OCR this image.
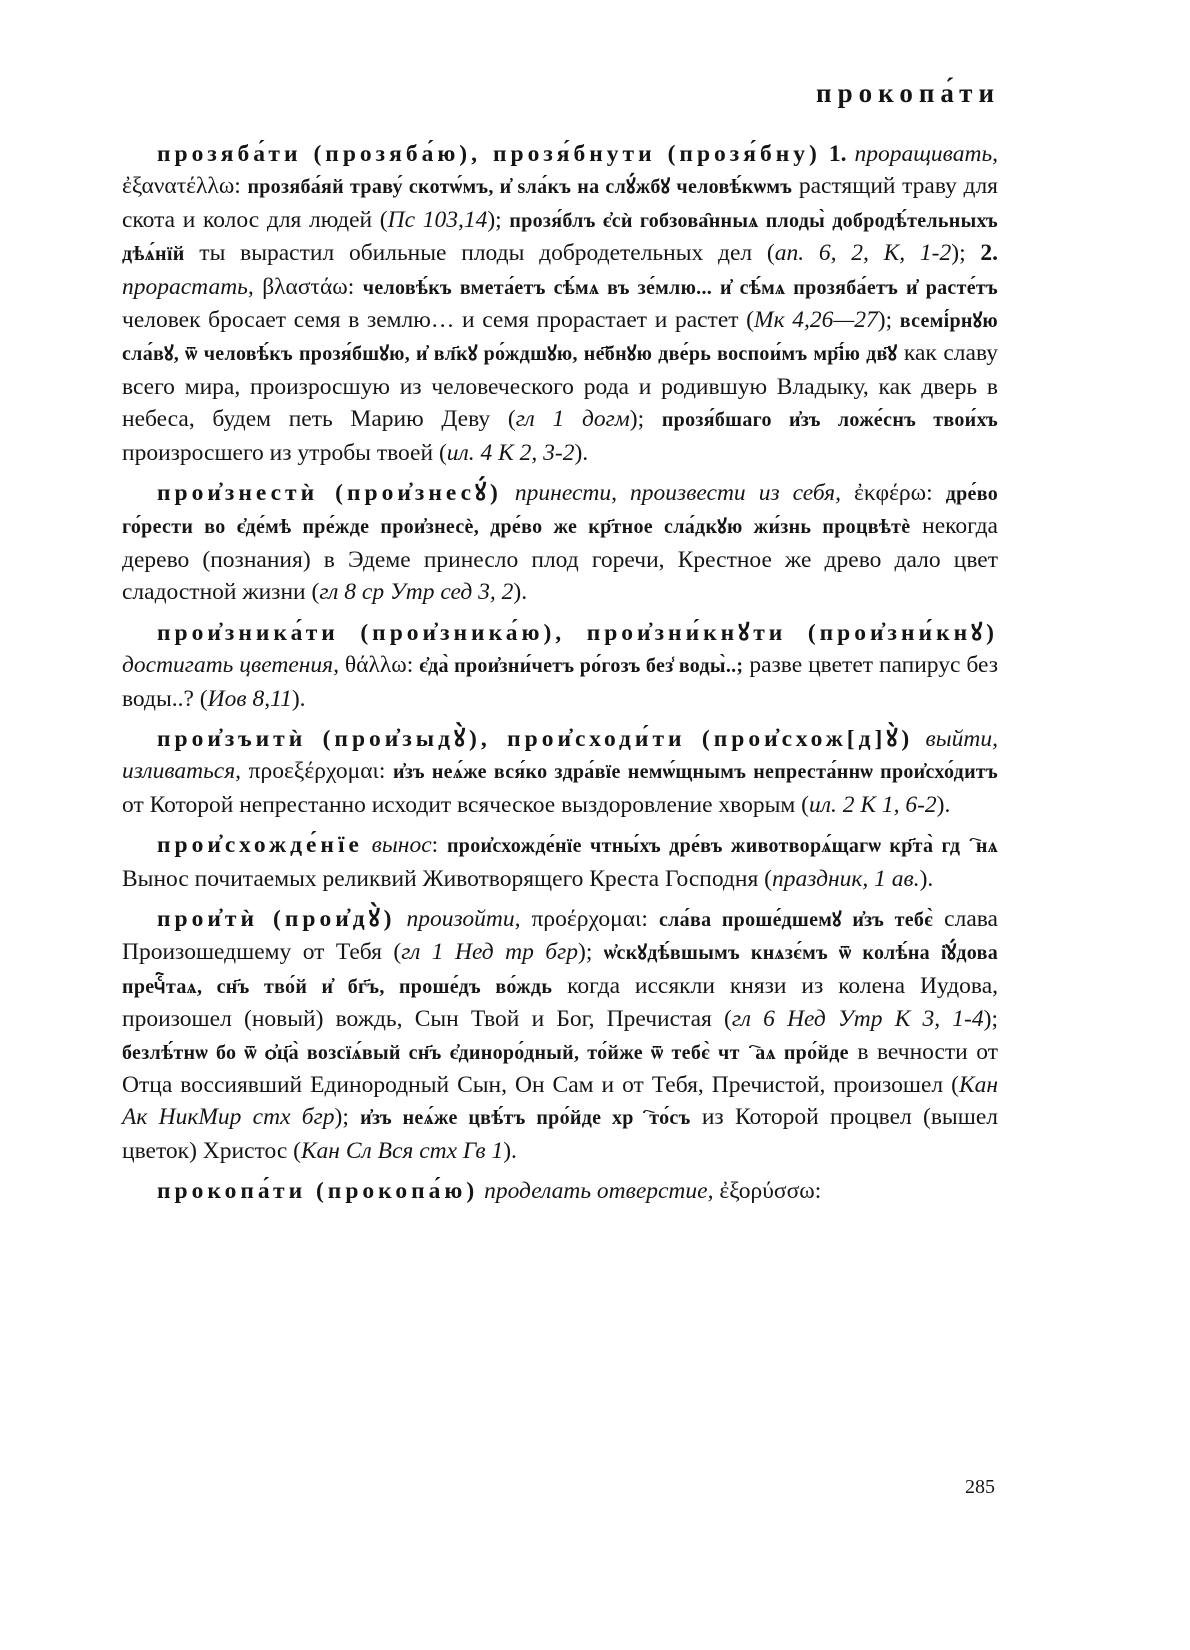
прокопа́ти

прозяба́ти (прозяба́ю), прозя́бнути (прозя́бну) 1. проращивать, ἐξανατέλλω: прозяба́яй траву́ скотѡ́мъ, и҆ ѕла́къ на слꙋ́жбꙋ человѣ́кѡмъ растящий траву для скота и колос для людей (Пс 103,14); прозя́блъ є҆сѝ гобзова̑нныѧ плоды̀ добродѣ́тельныхъ дѣѧ́нїй ты вырастил обильные плоды добродетельных дел (ап. 6, 2, К, 1-2); 2. прорастать, βλαστάω: человѣ́къ вмета́етъ сѣ́мѧ въ зе́млю... и҆ сѣ́мѧ прозяба́етъ и҆ расте́тъ человек бросает семя в землю… и семя прорастает и растет (Мк 4,26—27); всемі́рнꙋю сла́вꙋ, ѿ человѣ́къ прозя́бшꙋю, и҆ вл҃кꙋ ро́ждшꙋю, не҃бнꙋю две́рь воспои́мъ мр҃і́ю дв҃ꙋ как славу всего мира, произросшую из человеческого рода и родившую Владыку, как дверь в небеса, будем петь Марию Деву (гл 1 догм); прозя́бшаго и҆зъ ложе́снъ твои́хъ произросшего из утробы твоей (ил. 4 К 2, 3-2).

прои҆знестѝ (прои҆знесꙋ́) принести, произвести из себя, ἐκφέρω: дре́во го́рести во є҆де́мѣ пре́жде прои҆знесѐ, дре́во же кр҃тное сла́дкꙋю жи́знь процвѣтѐ некогда дерево (познания) в Эдеме принесло плод горечи, Крестное же древо дало цвет сладостной жизни (гл 8 ср Утр сед 3, 2).

прои҆зника́ти (прои҆зника́ю), прои҆зни́кнꙋти (прои҆зни́кнꙋ) достигать цветения, θάλλω: є҆да̀ прои҆зни́четъ ро́гозъ без̾ воды̀..; разве цветет папирус без воды..? (Иов 8,11).

прои҆зъитѝ (прои҆зыдꙋ̀), прои҆сходи́ти (прои҆схож[д]ꙋ̀) выйти, изливаться, προεξέρχομαι: и҆зъ неѧ́же вся́ко здра́вїе немѡ́щнымъ непреста́ннѡ прои҆схо́дитъ от Которой непрестанно исходит всяческое выздоровление хворым (ил. 2 К 1, 6-2).

прои҆схожде́нїе вынос: прои҆схожде́нїе чтны́хъ дре́въ животворѧ́щагѡ кр҃та̀ гдⷭ҇нѧ Вынос почитаемых реликвий Животворящего Креста Господня (праздник, 1 ав.).

прои҆тѝ (прои҆дꙋ̀) произойти, προέρχομαι: сла́ва проше́дшемꙋ и҆зъ тебє̀ слава Произошедшему от Тебя (гл 1 Нед тр бгр); ѡ҆скꙋдѣ́вшымъ кнѧзє́мъ ѿ колѣ́на і҆ꙋ́дова пречⷭ҇таѧ, сн҃ъ тво́й и҆ бг҃ъ, проше́дъ во́ждь когда иссякли князи из колена Иудова, произошел (новый) вождь, Сын Твой и Бог, Пречистая (гл 6 Нед Утр К 3, 1-4); безлѣ́тнѡ бо ѿ ѻ҆ц҃а̀ возсїѧ́вый сн҃ъ є҆диноро́дный, то́йже ѿ тебє̀ чтⷭ҇аѧ про́йде в вечности от Отца воссиявший Единородный Сын, Он Сам и от Тебя, Пречистой, произошел (Кан Ак НикМир стх бгр); и҆зъ неѧ́же цвѣ́тъ про́йде хрⷭ҇то́съ из Которой процвел (вышел цветок) Христос (Кан Сл Вся стх Гв 1).

прокопа́ти (прокопа́ю) проделать отверстие, ἐξορύσσω:

285
